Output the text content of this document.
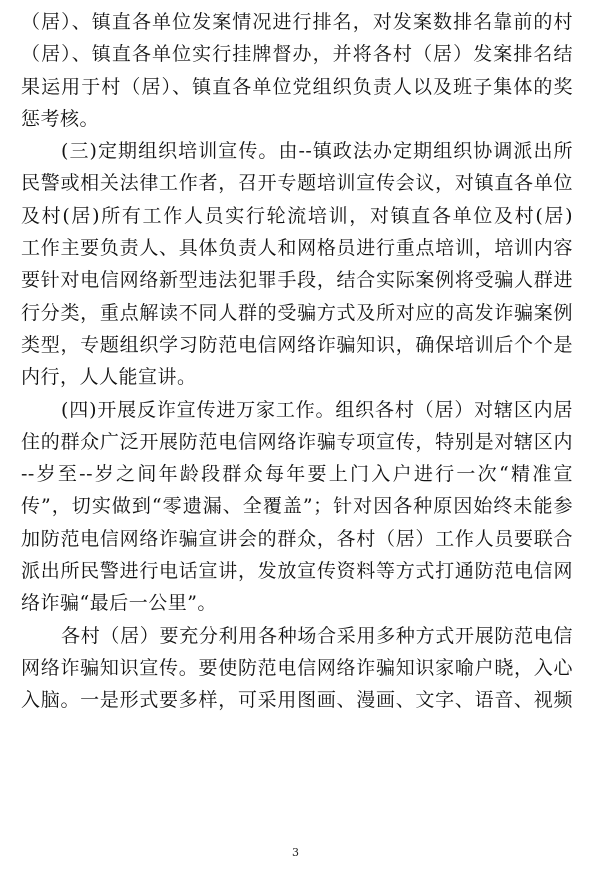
（居）、镇直各单位发案情况进行排名，对发案数排名靠前的村
（居）、镇直各单位实行挂牌督办，并将各村（居）发案排名结
果运用于村（居）、镇直各单位党组织负责人以及班子集体的奖
惩考核。
(三)定期组织培训宣传。由--镇政法办定期组织协调派出所
民警或相关法律工作者，召开专题培训宣传会议，对镇直各单位
及村(居)所有工作人员实行轮流培训，对镇直各单位及村(居)
工作主要负责人、具体负责人和网格员进行重点培训，培训内容
要针对电信网络新型违法犯罪手段，结合实际案例将受骗人群进
行分类，重点解读不同人群的受骗方式及所对应的高发诈骗案例
类型，专题组织学习防范电信网络诈骗知识，确保培训后个个是
内行，人人能宣讲。
(四)开展反诈宣传进万家工作。组织各村（居）对辖区内居
住的群众广泛开展防范电信网络诈骗专项宣传，特别是对辖区内
--岁至--岁之间年龄段群众每年要上门入户进行一次“精准宣
传”，切实做到“零遗漏、全覆盖”；针对因各种原因始终未能参
加防范电信网络诈骗宣讲会的群众，各村（居）工作人员要联合
派出所民警进行电话宣讲，发放宣传资料等方式打通防范电信网
络诈骗“最后一公里”。
各村（居）要充分利用各种场合采用多种方式开展防范电信
网络诈骗知识宣传。要使防范电信网络诈骗知识家喻户晓，入心
入脑。一是形式要多样，可采用图画、漫画、文字、语音、视频
3
